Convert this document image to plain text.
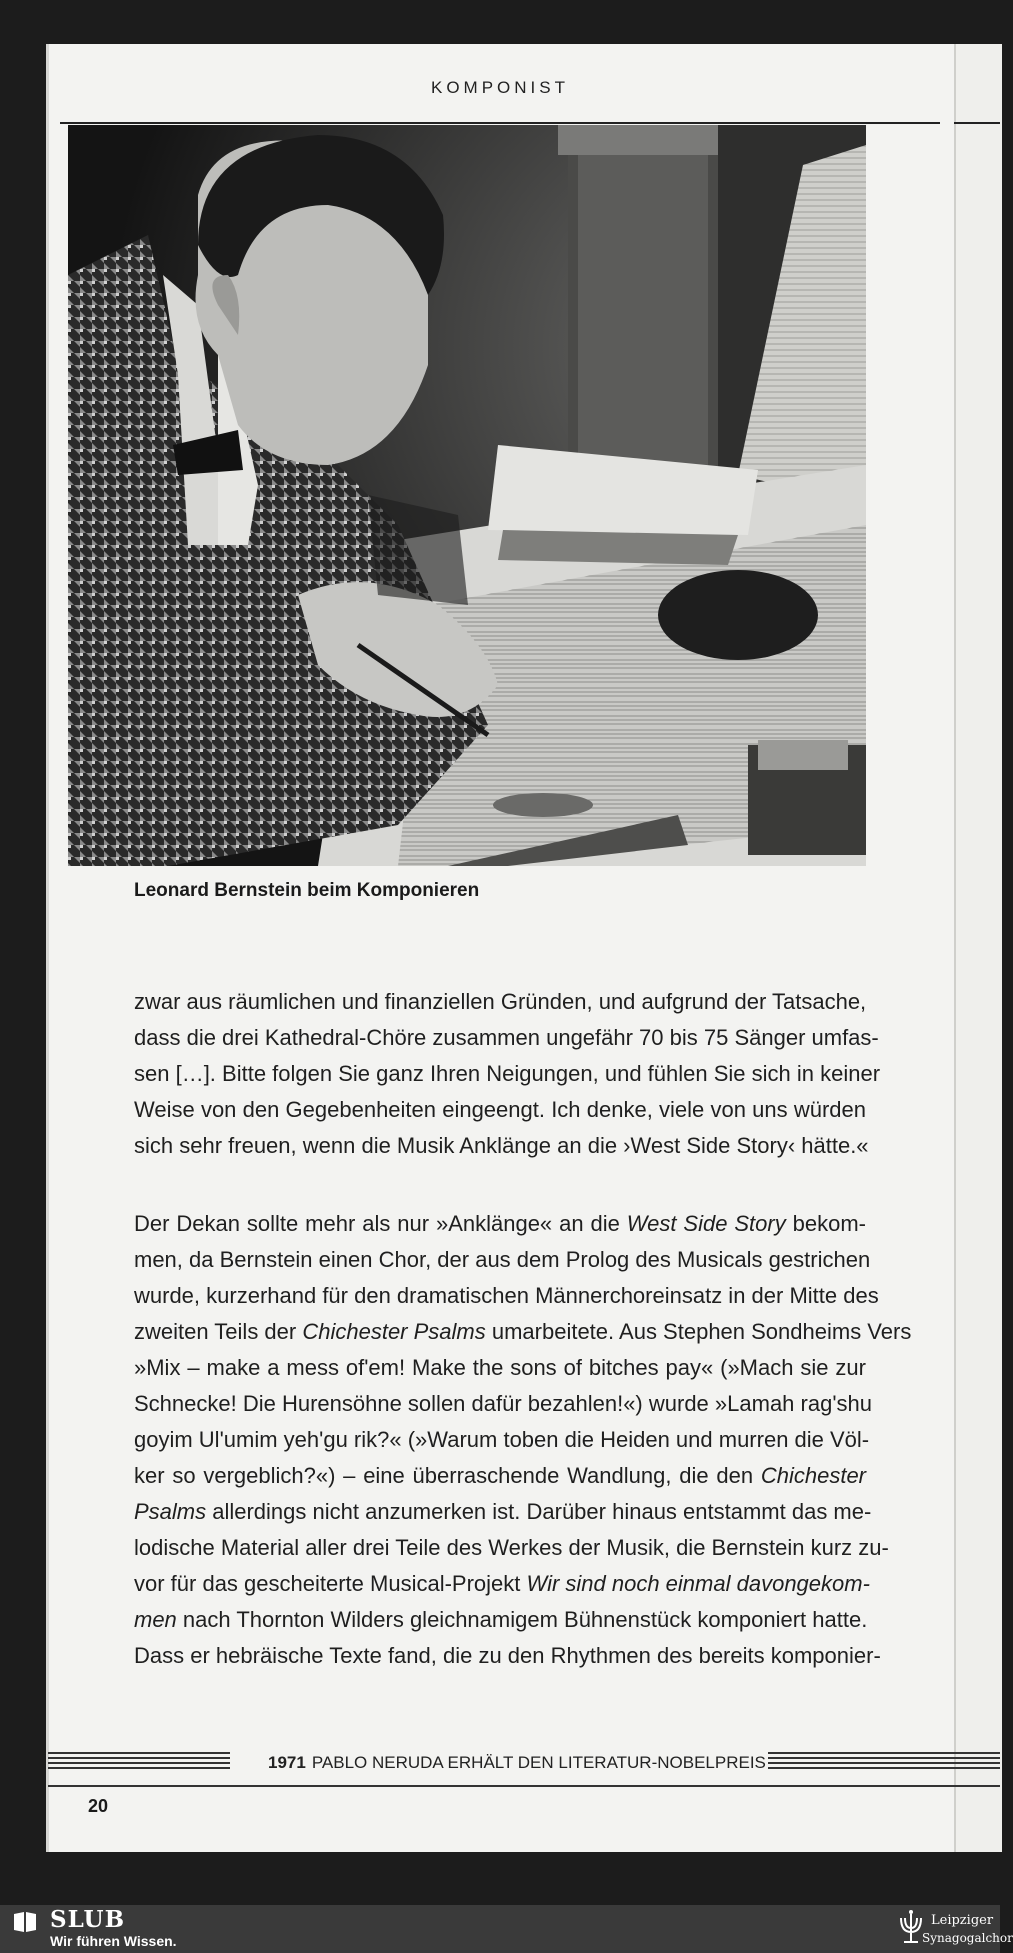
KOMPONIST
Leonard Bernstein beim Komponieren
zwar aus räumlichen und finanziellen Gründen, und aufgrund der Tatsache,
dass die drei Kathedral-Chöre zusammen ungefähr 70 bis 75 Sänger umfas-
sen […]. Bitte folgen Sie ganz Ihren Neigungen, und fühlen Sie sich in keiner
Weise von den Gegebenheiten eingeengt. Ich denke, viele von uns würden
sich sehr freuen, wenn die Musik Anklänge an die ›West Side Story‹ hätte.«
Der Dekan sollte mehr als nur »Anklänge« an die West Side Story bekom-
men, da Bernstein einen Chor, der aus dem Prolog des Musicals gestrichen
wurde, kurzerhand für den dramatischen Männerchoreinsatz in der Mitte des
zweiten Teils der Chichester Psalms umarbeitete. Aus Stephen Sondheims Vers
»Mix – make a mess of'em! Make the sons of bitches pay« (»Mach sie zur
Schnecke! Die Hurensöhne sollen dafür bezahlen!«) wurde »Lamah rag'shu
goyim Ul'umim yeh'gu rik?« (»Warum toben die Heiden und murren die Völ-
ker so vergeblich?«) – eine überraschende Wandlung, die den Chichester
Psalms allerdings nicht anzumerken ist. Darüber hinaus entstammt das me-
lodische Material aller drei Teile des Werkes der Musik, die Bernstein kurz zu-
vor für das gescheiterte Musical-Projekt Wir sind noch einmal davongekom-
men nach Thornton Wilders gleichnamigem Bühnenstück komponiert hatte.
Dass er hebräische Texte fand, die zu den Rhythmen des bereits komponier-
1971 PABLO NERUDA ERHÄLT DEN LITERATUR-NOBELPREIS
20
SLUB
Wir führen Wissen.
Leipziger
Synagogalchor
